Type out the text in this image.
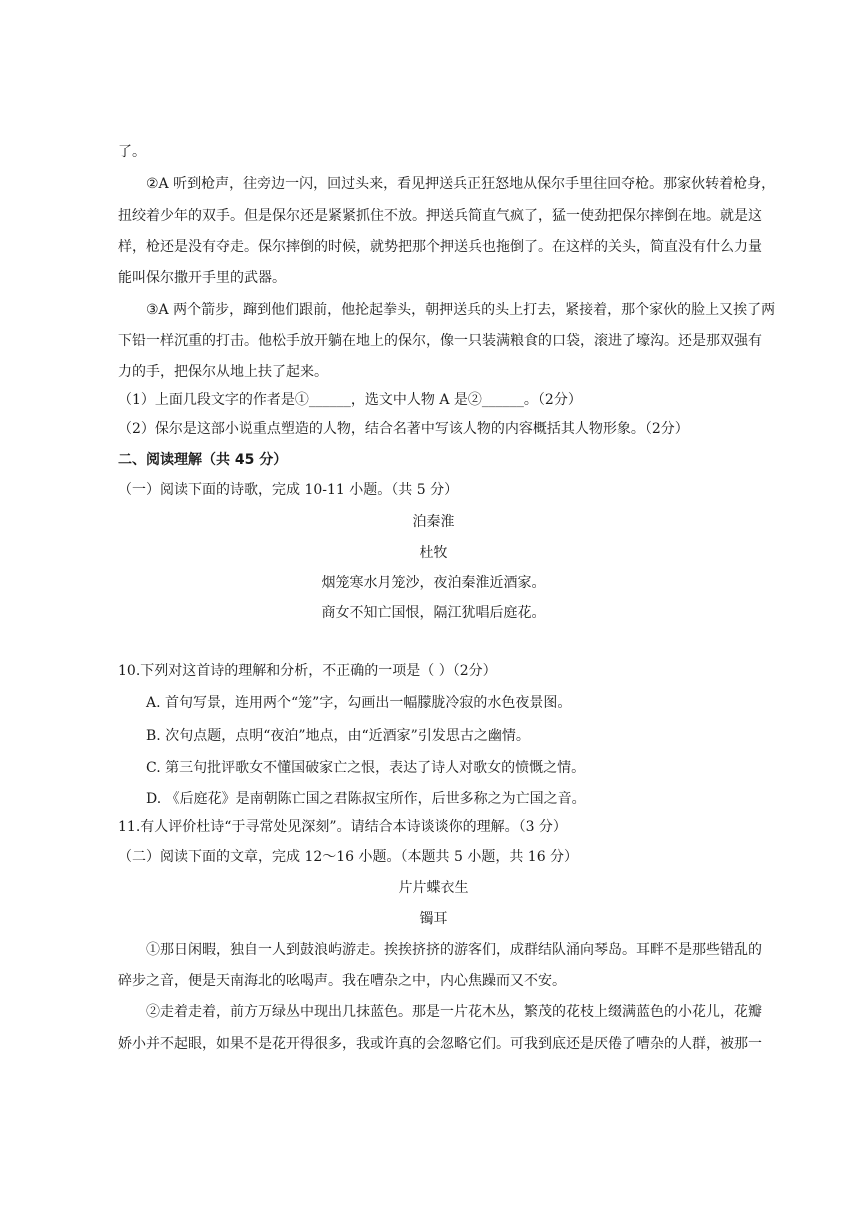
了。
②A 听到枪声，往旁边一闪，回过头来，看见押送兵正狂怒地从保尔手里往回夺枪。那家伙转着枪身，
扭绞着少年的双手。但是保尔还是紧紧抓住不放。押送兵简直气疯了，猛一使劲把保尔摔倒在地。就是这
样，枪还是没有夺走。保尔摔倒的时候，就势把那个押送兵也拖倒了。在这样的关头，简直没有什么力量
能叫保尔撒开手里的武器。
③A 两个箭步，蹿到他们跟前，他抡起拳头，朝押送兵的头上打去，紧接着，那个家伙的脸上又挨了两
下铅一样沉重的打击。他松手放开躺在地上的保尔，像一只装满粮食的口袋，滚进了壕沟。还是那双强有
力的手，把保尔从地上扶了起来。
（1）上面几段文字的作者是①______，选文中人物 A 是②______。（2分）
（2）保尔是这部小说重点塑造的人物，结合名著中写该人物的内容概括其人物形象。（2分）
二、阅读理解（共 45 分）
（一）阅读下面的诗歌，完成 10-11 小题。（共 5 分）
泊秦淮
杜牧
烟笼寒水月笼沙，夜泊秦淮近酒家。
商女不知亡国恨，隔江犹唱后庭花。
10.下列对这首诗的理解和分析，不正确的一项是（ ）（2分）
A. 首句写景，连用两个“笼”字，勾画出一幅朦胧冷寂的水色夜景图。
B. 次句点题，点明“夜泊”地点，由“近酒家”引发思古之幽情。
C. 第三句批评歌女不懂国破家亡之恨，表达了诗人对歌女的愤慨之情。
D. 《后庭花》是南朝陈亡国之君陈叔宝所作，后世多称之为亡国之音。
11.有人评价杜诗“于寻常处见深刻”。请结合本诗谈谈你的理解。（3 分）
（二）阅读下面的文章，完成 12～16 小题。（本题共 5 小题，共 16 分）
片片蝶衣生
镯耳
①那日闲暇，独自一人到鼓浪屿游走。挨挨挤挤的游客们，成群结队涌向琴岛。耳畔不是那些错乱的
碎步之音，便是天南海北的吆喝声。我在嘈杂之中，内心焦躁而又不安。
②走着走着，前方万绿丛中现出几抹蓝色。那是一片花木丛，繁茂的花枝上缀满蓝色的小花儿，花瓣
娇小并不起眼，如果不是花开得很多，我或许真的会忽略它们。可我到底还是厌倦了嘈杂的人群，被那一
